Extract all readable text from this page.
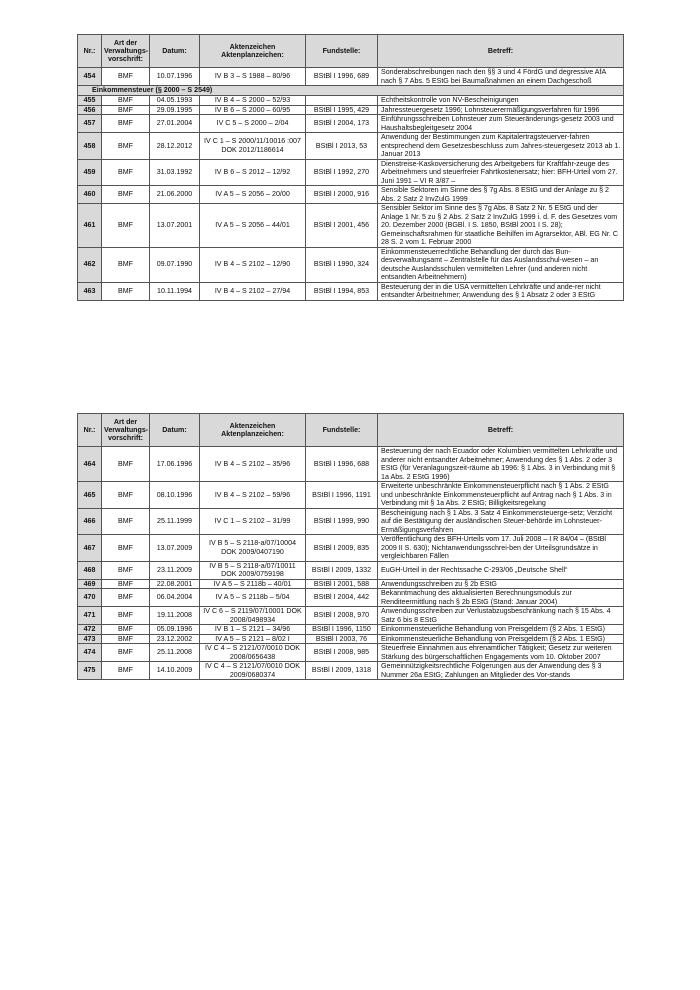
Nr.:	Art der Verwaltungs-vorschrift:	Datum:	Aktenzeichen Aktenplanzeichen:	Fundstelle:	Betreff:
454	BMF	10.07.1996	IV B 3 – S 1988 – 80/96	BStBl I 1996, 689	Sonderabschreibungen nach den §§ 3 und 4 FördG und degressive AfA nach § 7 Abs. 5 EStG bei Baumaßnahmen an einem Dachgeschoß
Einkommensteuer (§ 2000 – S 2549)					
455	BMF	04.05.1993	IV B 4 – S 2000 – 52/93		Echtheitskontrolle von NV-Bescheinigungen
456	BMF	29.09.1995	IV B 6 – S 2000 – 60/95	BStBl I 1995, 429	Jahressteuergesetz 1996; Lohnsteuerermäßigungsverfahren für 1996
457	BMF	27.01.2004	IV C 5 – S 2000 – 2/04	BStBl I 2004, 173	Einführungsschreiben Lohnsteuer zum Steueränderungs-gesetz 2003 und Haushaltsbegleitgesetz 2004
458	BMF	28.12.2012	IV C 1 – S 2000/11/10016 :007 DOK 2012/1186614	BStBl I 2013, 53	Anwendung der Bestimmungen zum Kapitalertragsteuerver-fahren entsprechend dem Gesetzesbeschluss zum Jahres-steuergesetz 2013 ab 1. Januar 2013
459	BMF	31.03.1992	IV B 6 – S 2012 – 12/92	BStBl I 1992, 270	Dienstreise-Kaskoversicherung des Arbeitgebers für Kraftfahr-zeuge des Arbeitnehmers und steuerfreier Fahrtkostenersatz; hier: BFH-Urteil vom 27. Juni 1991 – VI R 3/87 –
460	BMF	21.06.2000	IV A 5 – S 2056 – 20/00	BStBl I 2000, 916	Sensible Sektoren im Sinne des § 7g Abs. 8 EStG und der Anlage zu § 2 Abs. 2 Satz 2 InvZulG 1999
461	BMF	13.07.2001	IV A 5 – S 2056 – 44/01	BStBl I 2001, 456	Sensibler Sektor im Sinne des § 7g Abs. 8 Satz 2 Nr. 5 EStG und der Anlage 1 Nr. 5 zu § 2 Abs. 2 Satz 2 InvZulG 1999 i. d. F. des Gesetzes vom 20. Dezember 2000 (BGBl. I S. 1850, BStBl 2001 I S. 28); Gemeinschaftsrahmen für staatliche Beihilfen im Agrarsektor, ABl. EG Nr. C 28 S. 2 vom 1. Februar 2000
462	BMF	09.07.1990	IV B 4 – S 2102 – 12/90	BStBl I 1990, 324	Einkommensteuerrechtliche Behandlung der durch das Bun-desverwaltungsamt – Zentralstelle für das Auslandsschul-wesen – an deutsche Auslandsschulen vermittelten Lehrer (und anderen nicht entsandten Arbeitnehmern)
463	BMF	10.11.1994	IV B 4 – S 2102 – 27/94	BStBl I 1994, 853	Besteuerung der in die USA vermittelten Lehrkräfte und ande-rer nicht entsandter Arbeitnehmer; Anwendung des § 1 Absatz 2 oder 3 EStG
Nr.:	Art der Verwaltungs-vorschrift:	Datum:	Aktenzeichen Aktenplanzeichen:	Fundstelle:	Betreff:
464	BMF	17.06.1996	IV B 4 – S 2102 – 35/96	BStBl I 1996, 688	Besteuerung der nach Ecuador oder Kolumbien vermittelten Lehrkräfte und anderer nicht entsandter Arbeitnehmer; Anwendung des § 1 Abs. 2 oder 3 EStG (für Veranlagungszeit-räume ab 1996: § 1 Abs. 3 in Verbindung mit § 1a Abs. 2 EStG 1996)
465	BMF	08.10.1996	IV B 4 – S 2102 – 59/96	BStBl I 1996, 1191	Erweiterte unbeschränkte Einkommensteuerpflicht nach § 1 Abs. 2 EStG und unbeschränkte Einkommensteuerpflicht auf Antrag nach § 1 Abs. 3 in Verbindung mit § 1a Abs. 2 EStG; Billigkeitsregelung
466	BMF	25.11.1999	IV C 1 – S 2102 – 31/99	BStBl I 1999, 990	Bescheinigung nach § 1 Abs. 3 Satz 4 Einkommensteuerge-setz; Verzicht auf die Bestätigung der ausländischen Steuer-behörde im Lohnsteuer-Ermäßigungsverfahren
467	BMF	13.07.2009	IV B 5 – S 2118-a/07/10004 DOK 2009/0407190	BStBl I 2009, 835	Veröffentlichung des BFH-Urteils vom 17. Juli 2008 – I R 84/04 – (BStBl 2009 II S. 630); Nichtanwendungsschrei-ben der Urteilsgrundsätze in vergleichbaren Fällen
468	BMF	23.11.2009	IV B 5 – S 2118-a/07/10011 DOK 2009/0759198	BStBl I 2009, 1332	EuGH-Urteil in der Rechtssache C-293/06 „Deutsche Shell“
469	BMF	22.08.2001	IV A 5 – S 2118b – 40/01	BStBl I 2001, 588	Anwendungsschreiben zu § 2b EStG
470	BMF	06.04.2004	IV A 5 – S 2118b – 5/04	BStBl I 2004, 442	Bekanntmachung des aktualisierten Berechnungsmoduls zur Renditeermittlung nach § 2b EStG (Stand: Januar 2004)
471	BMF	19.11.2008	IV C 6 – S 2119/07/10001 DOK 2008/0498934	BStBl I 2008, 970	Anwendungsschreiben zur Verlustabzugsbeschränkung nach § 15 Abs. 4 Satz 6 bis 8 EStG
472	BMF	05.09.1996	IV B 1 – S 2121 – 34/96	BStBl I 1996, 1150	Einkommensteuerliche Behandlung von Preisgeldern (§ 2 Abs. 1 EStG)
473	BMF	23.12.2002	IV A 5 – S 2121 – 8/02 I	BStBl I 2003, 76	Einkommensteuerliche Behandlung von Preisgeldern (§ 2 Abs. 1 EStG)
474	BMF	25.11.2008	IV C 4 – S 2121/07/0010 DOK 2008/0656438	BStBl I 2008, 985	Steuerfreie Einnahmen aus ehrenamtlicher Tätigkeit; Gesetz zur weiteren Stärkung des bürgerschaftlichen Engagements vom 10. Oktober 2007
475	BMF	14.10.2009	IV C 4 – S 2121/07/0010 DOK 2009/0680374	BStBl I 2009, 1318	Gemeinnützigkeitsrechtliche Folgerungen aus der Anwendung des § 3 Nummer 26a EStG; Zahlungen an Mitglieder des Vor-stands
